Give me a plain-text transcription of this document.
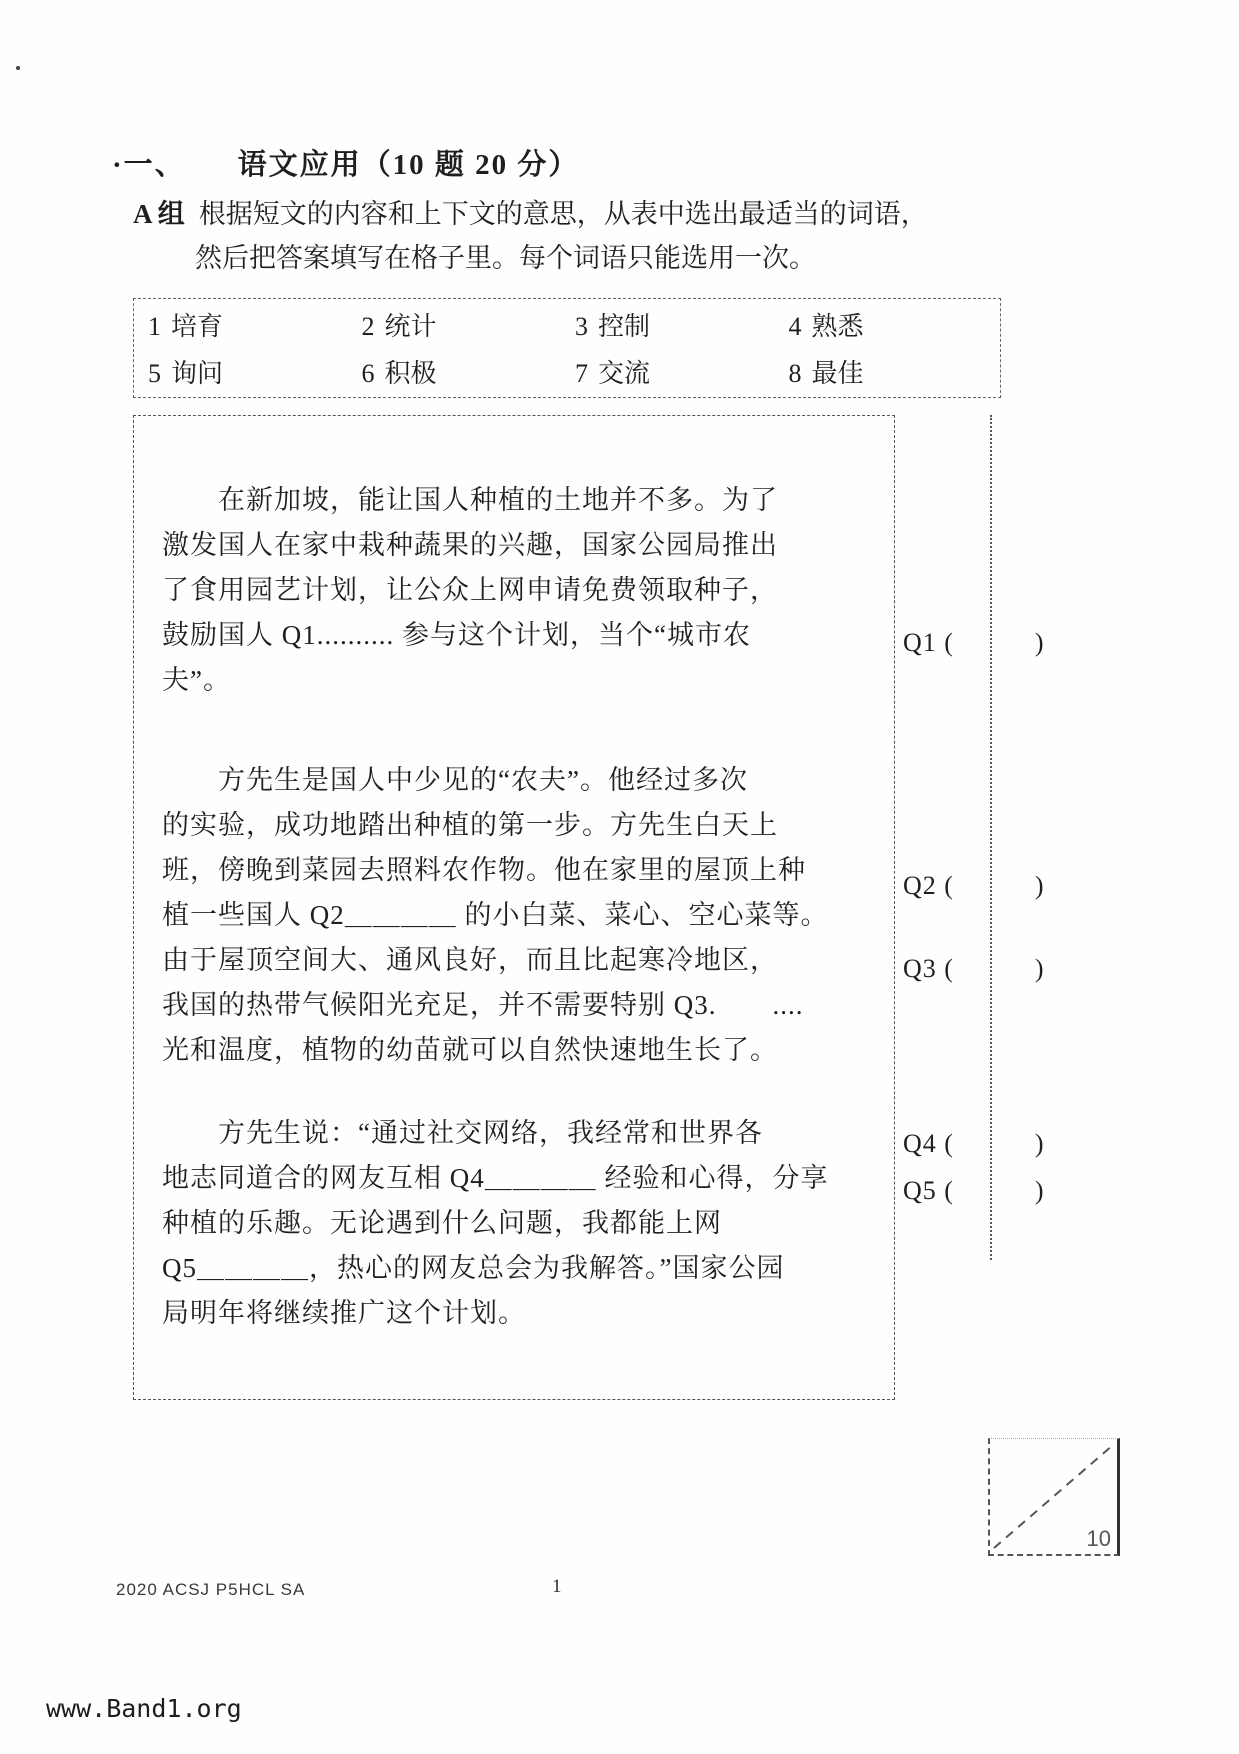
·一、 语文应用（10 题 20 分）
A 组 根据短文的内容和上下文的意思，从表中选出最适当的词语，
然后把答案填写在格子里。每个词语只能选用一次。
1 培育	2 统计	3 控制	4 熟悉
5 询问	6 积极	7 交流	8 最佳
在新加坡，能让国人种植的土地并不多。为了
激发国人在家中栽种蔬果的兴趣，国家公园局推出
了食用园艺计划，让公众上网申请免费领取种子，
鼓励国人 Q1.......... 参与这个计划，当个“城市农
夫”。
方先生是国人中少见的“农夫”。他经过多次
的实验，成功地踏出种植的第一步。方先生白天上
班，傍晚到菜园去照料农作物。他在家里的屋顶上种
植一些国人 Q2＿＿＿＿ 的小白菜、菜心、空心菜等。
由于屋顶空间大、通风良好，而且比起寒冷地区，
我国的热带气候阳光充足，并不需要特别 Q3.　　....
光和温度，植物的幼苗就可以自然快速地生长了。
方先生说：“通过社交网络，我经常和世界各
地志同道合的网友互相 Q4＿＿＿＿ 经验和心得，分享
种植的乐趣。无论遇到什么问题，我都能上网
Q5＿＿＿＿，热心的网友总会为我解答。”国家公园
局明年将继续推广这个计划。
Q1 (　　　)
Q2 (　　　)
Q3 (　　　)
Q4 (　　　)
Q5 (　　　)
10
2020 ACSJ P5HCL SA	1
www.Band1.org
